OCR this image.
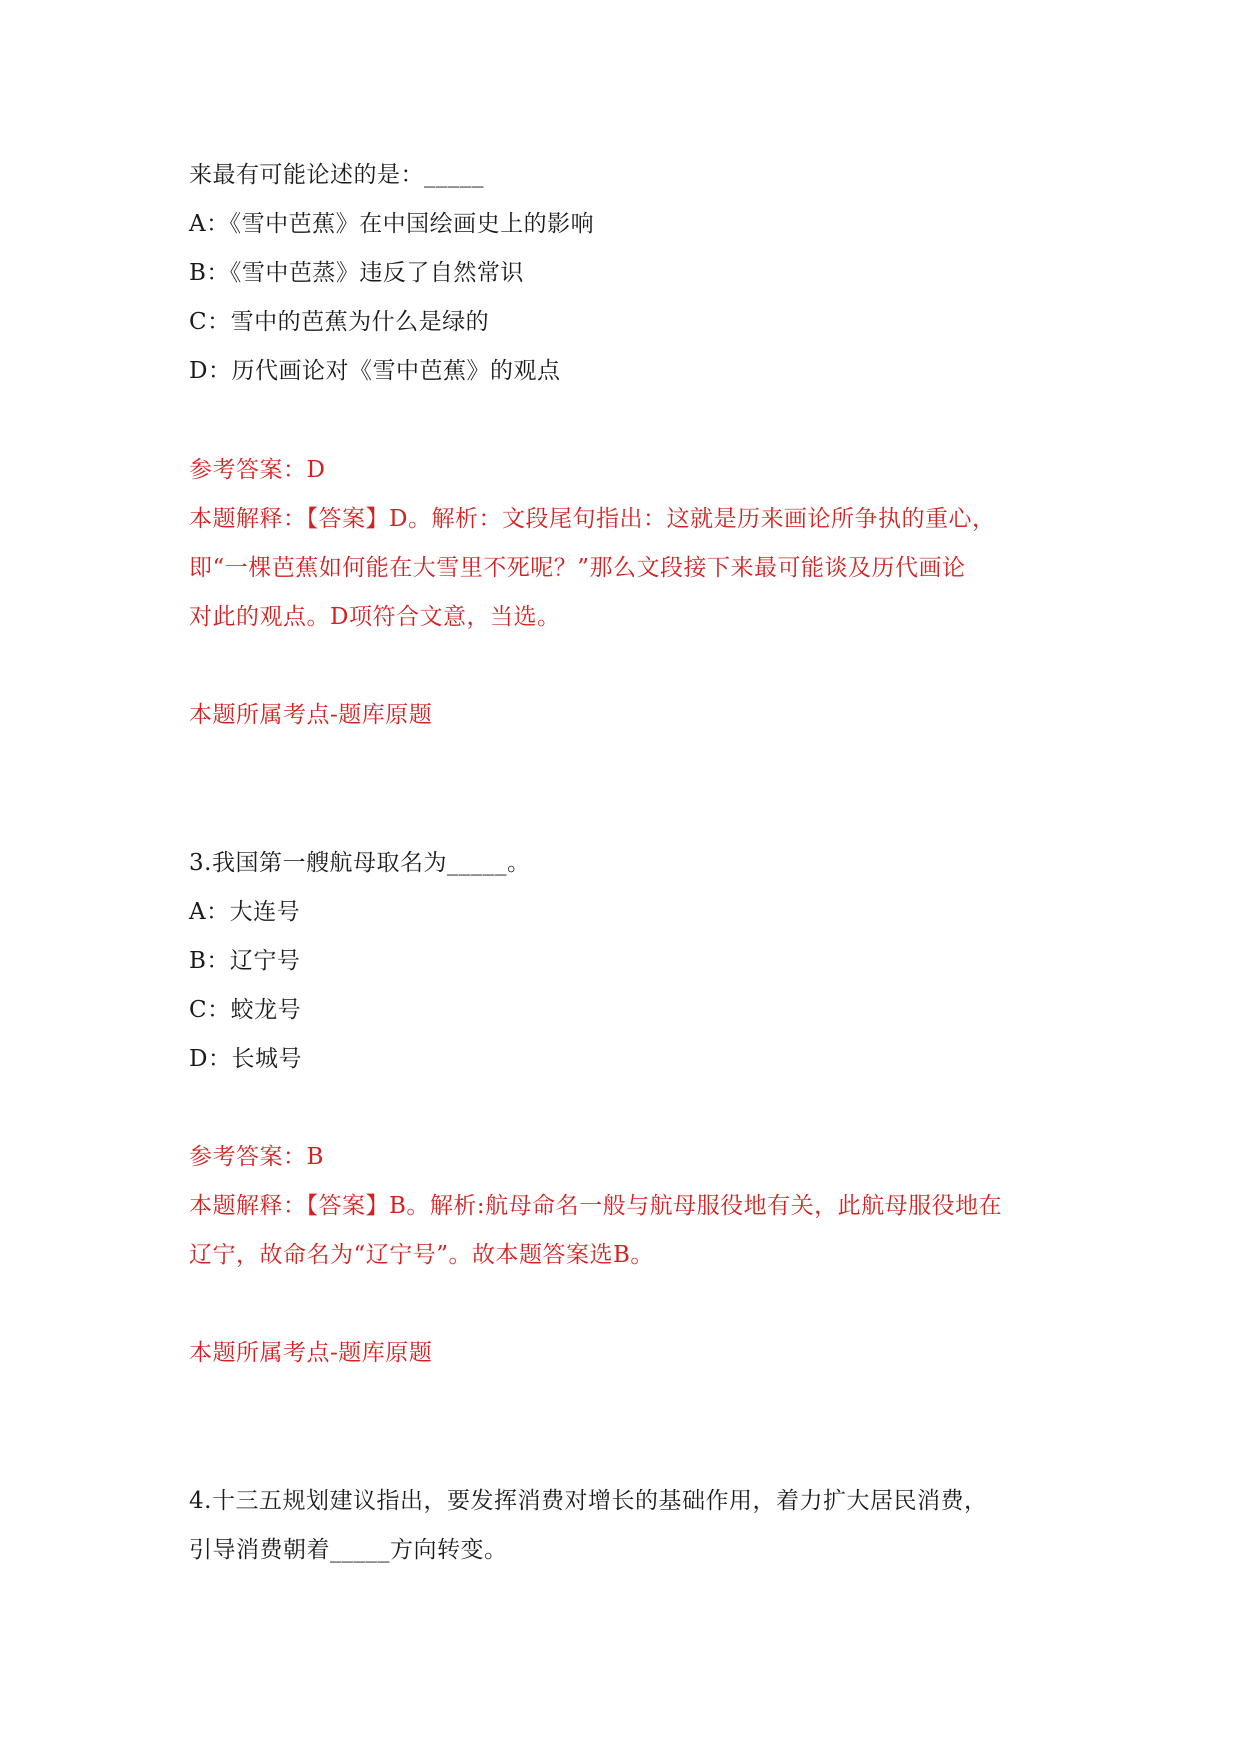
来最有可能论述的是：_____
A：《雪中芭蕉》在中国绘画史上的影响
B：《雪中芭蒸》违反了自然常识
C：雪中的芭蕉为什么是绿的
D：历代画论对《雪中芭蕉》的观点
参考答案：D
本题解释：【答案】D。解析：文段尾句指出：这就是历来画论所争执的重心，
即“一棵芭蕉如何能在大雪里不死呢？”那么文段接下来最可能谈及历代画论
对此的观点。D项符合文意，当选。
本题所属考点-题库原题
3.我国第一艘航母取名为_____。
A：大连号
B：辽宁号
C：蛟龙号
D：长城号
参考答案：B
本题解释：【答案】B。解析:航母命名一般与航母服役地有关，此航母服役地在
辽宁，故命名为“辽宁号”。故本题答案选B。
本题所属考点-题库原题
4.十三五规划建议指出，要发挥消费对增长的基础作用，着力扩大居民消费，
引导消费朝着_____方向转变。
